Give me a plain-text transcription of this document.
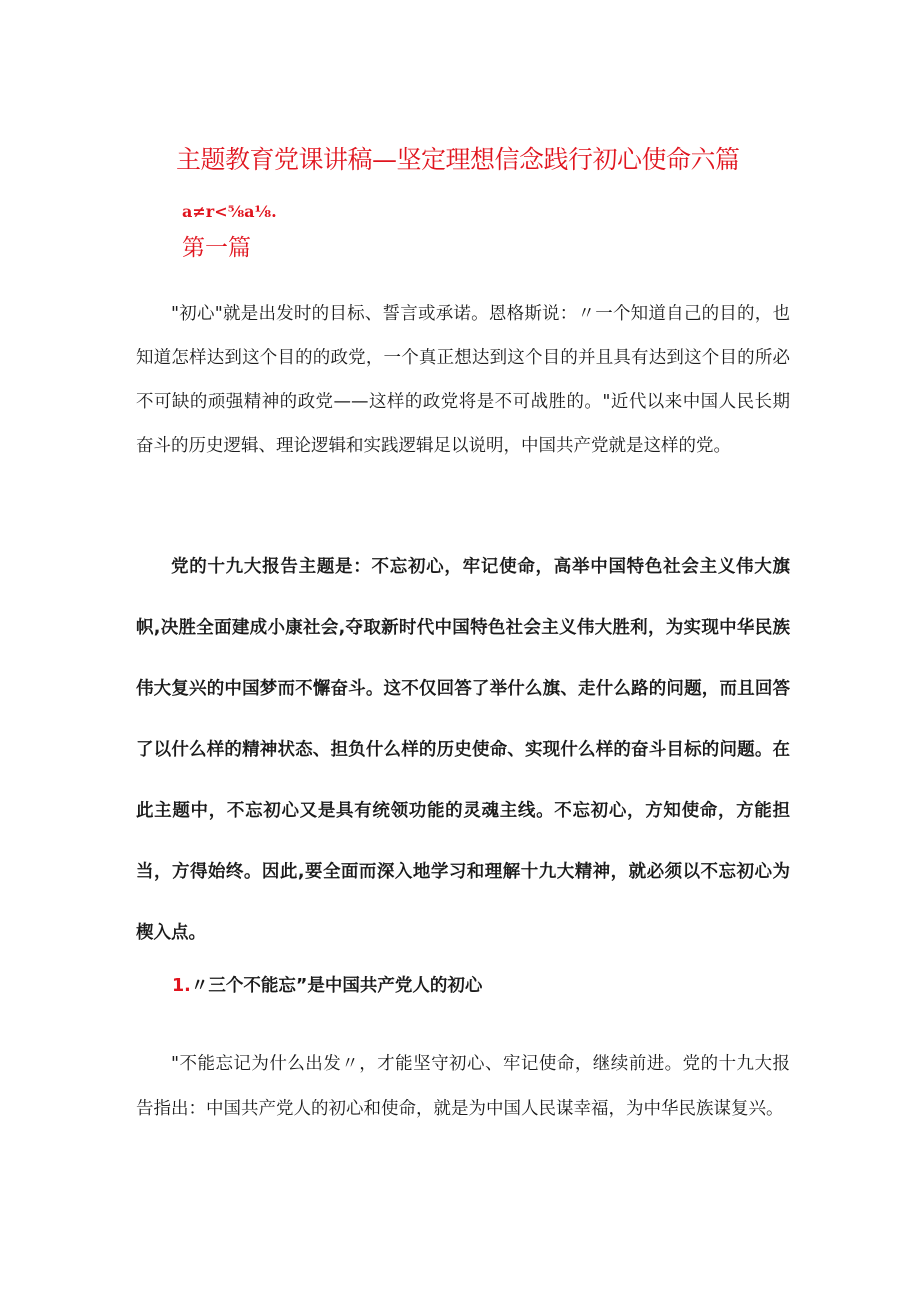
主题教育党课讲稿—坚定理想信念践行初心使命六篇
a≠r<⅝a⅛.
第一篇

"初心"就是出发时的目标、誓言或承诺。恩格斯说：〃一个知道自己的目的，也知道怎样达到这个目的的政党，一个真正想达到这个目的并且具有达到这个目的所必不可缺的顽强精神的政党——这样的政党将是不可战胜的。"近代以来中国人民长期奋斗的历史逻辑、理论逻辑和实践逻辑足以说明，中国共产党就是这样的党。

党的十九大报告主题是：不忘初心，牢记使命，高举中国特色社会主义伟大旗帜,决胜全面建成小康社会,夺取新时代中国特色社会主义伟大胜利，为实现中华民族伟大复兴的中国梦而不懈奋斗。这不仅回答了举什么旗、走什么路的问题，而且回答了以什么样的精神状态、担负什么样的历史使命、实现什么样的奋斗目标的问题。在此主题中，不忘初心又是具有统领功能的灵魂主线。不忘初心，方知使命，方能担当，方得始终。因此,要全面而深入地学习和理解十九大精神，就必须以不忘初心为楔入点。

1.〃三个不能忘”是中国共产党人的初心

"不能忘记为什么出发〃，才能坚守初心、牢记使命，继续前进。党的十九大报告指出：中国共产党人的初心和使命，就是为中国人民谋幸福，为中华民族谋复兴。
